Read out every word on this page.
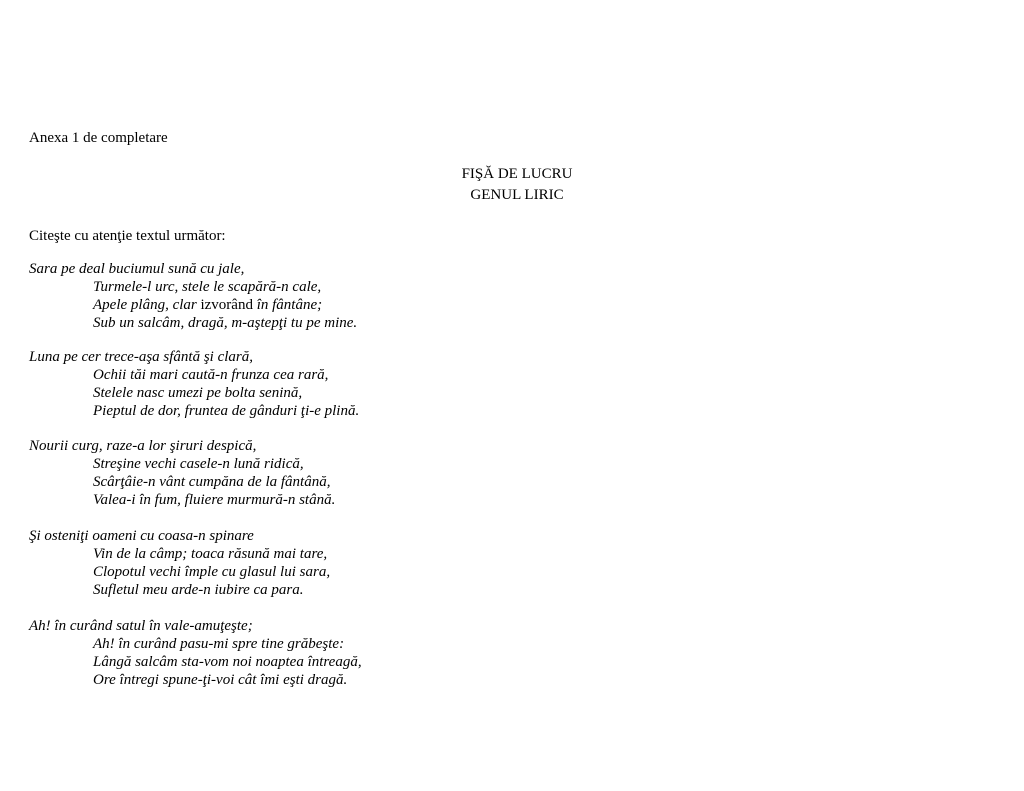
Anexa 1 de completare
FIŞĂ DE LUCRU
GENUL LIRIC
Citeşte cu atenţie textul următor:
Sara pe deal buciumul sună cu jale,
Turmele-l urc, stele le scapără-n cale,
Apele plâng, clar izvorând în fântâne;
Sub un salcâm, dragă, m-aştepţi tu pe mine.
Luna pe cer trece-aşa sfântă şi clară,
Ochii tăi mari caută-n frunza cea rară,
Stelele nasc umezi pe bolta senină,
Pieptul de dor, fruntea de gânduri ţi-e plină.
Nourii curg, raze-a lor şiruri despică,
Streşine vechi casele-n lună ridică,
Scârţâie-n vânt cumpăna de la fântână,
Valea-i în fum, fluiere murmură-n stână.
Şi osteniţi oameni cu coasa-n spinare
Vin de la câmp; toaca răsună mai tare,
Clopotul vechi împle cu glasul lui sara,
Sufletul meu arde-n iubire ca para.
Ah! în curând satul în vale-amuţeşte;
Ah! în curând pasu-mi spre tine grăbeşte:
Lângă salcâm sta-vom noi noaptea întreagă,
Ore întregi spune-ţi-voi cât îmi eşti dragă.
